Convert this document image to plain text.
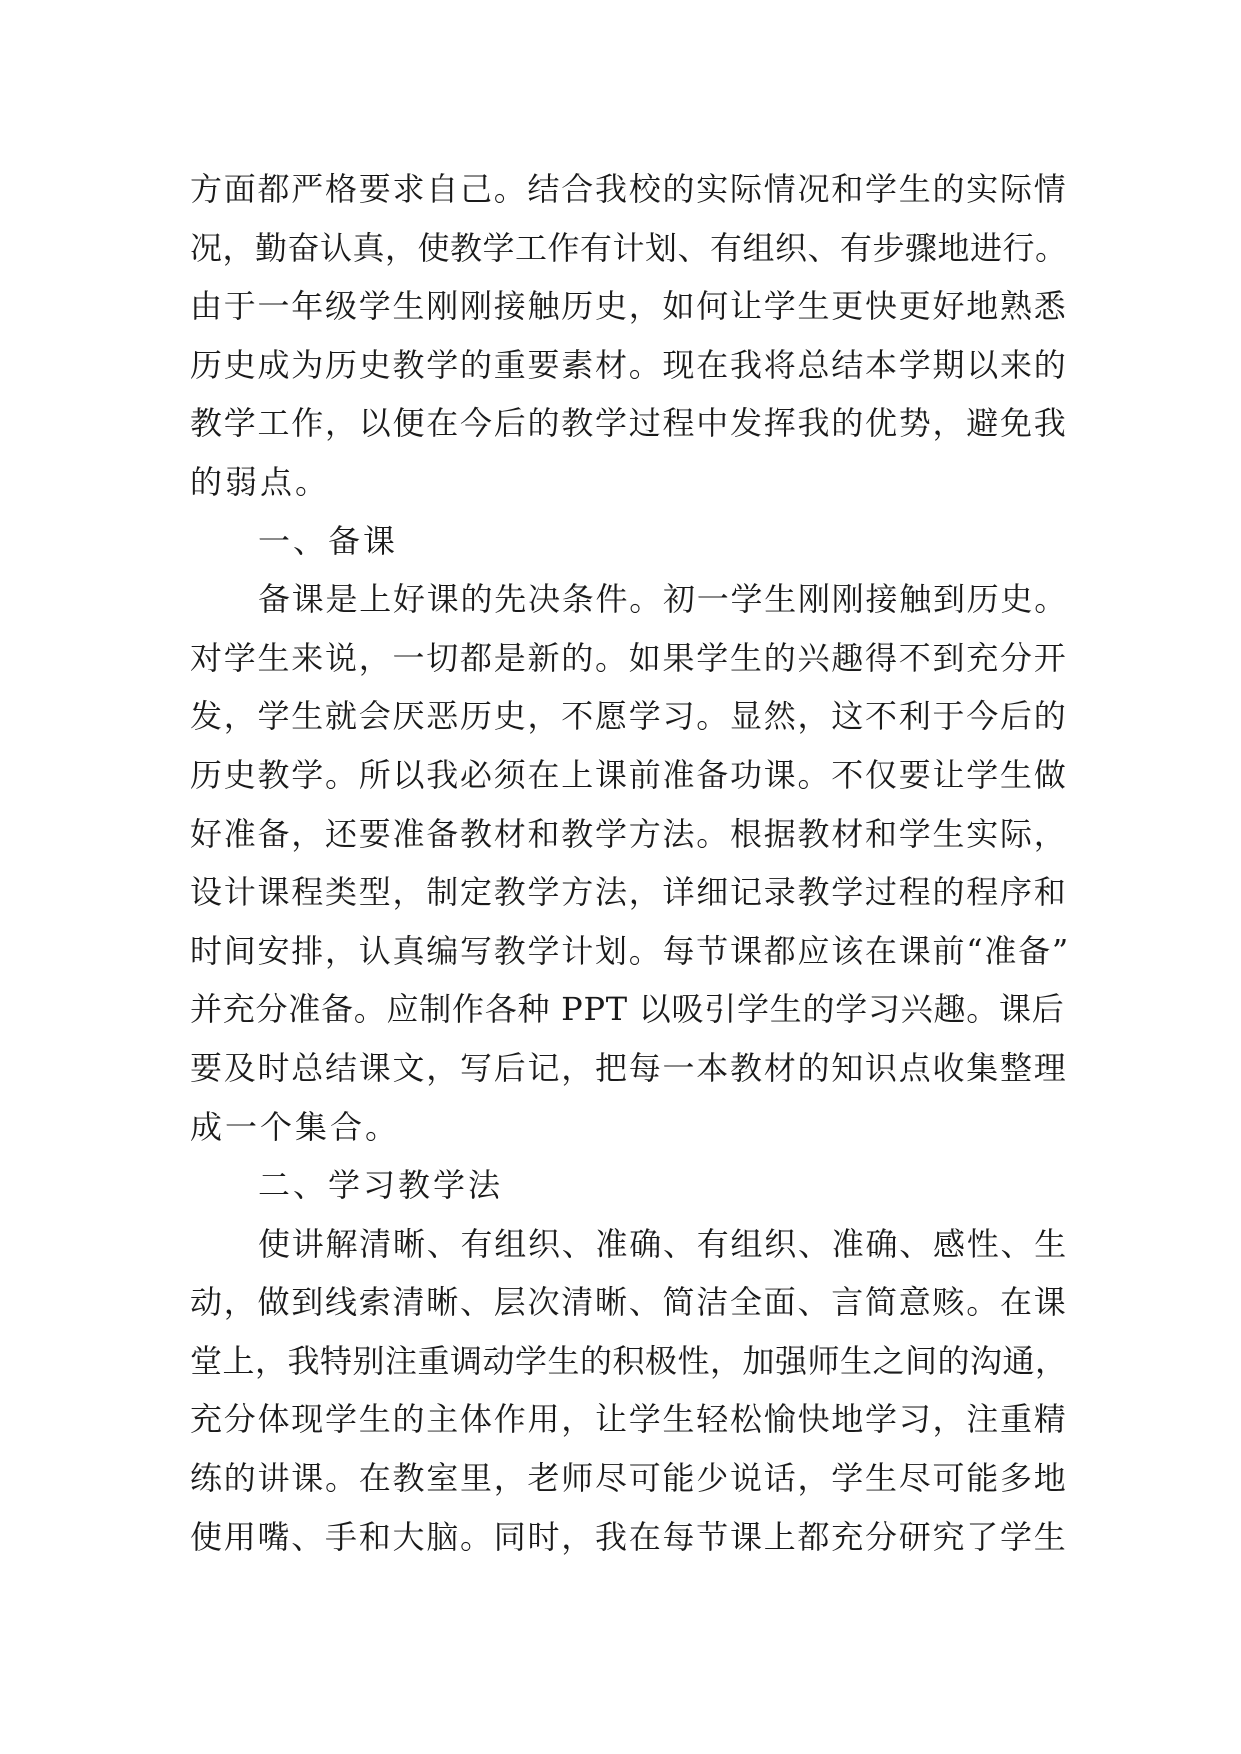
方面都严格要求自己。结合我校的实际情况和学生的实际情
况，勤奋认真，使教学工作有计划、有组织、有步骤地进行。
由于一年级学生刚刚接触历史，如何让学生更快更好地熟悉
历史成为历史教学的重要素材。现在我将总结本学期以来的
教学工作，以便在今后的教学过程中发挥我的优势，避免我
的弱点。
一、备课
备课是上好课的先决条件。初一学生刚刚接触到历史。
对学生来说，一切都是新的。如果学生的兴趣得不到充分开
发，学生就会厌恶历史，不愿学习。显然，这不利于今后的
历史教学。所以我必须在上课前准备功课。不仅要让学生做
好准备，还要准备教材和教学方法。根据教材和学生实际，
设计课程类型，制定教学方法，详细记录教学过程的程序和
时间安排，认真编写教学计划。每节课都应该在课前“准备”
并充分准备。应制作各种 PPT 以吸引学生的学习兴趣。课后
要及时总结课文，写后记，把每一本教材的知识点收集整理
成一个集合。
二、学习教学法
使讲解清晰、有组织、准确、有组织、准确、感性、生
动，做到线索清晰、层次清晰、简洁全面、言简意赅。在课
堂上，我特别注重调动学生的积极性，加强师生之间的沟通，
充分体现学生的主体作用，让学生轻松愉快地学习，注重精
练的讲课。在教室里，老师尽可能少说话，学生尽可能多地
使用嘴、手和大脑。同时，我在每节课上都充分研究了学生
